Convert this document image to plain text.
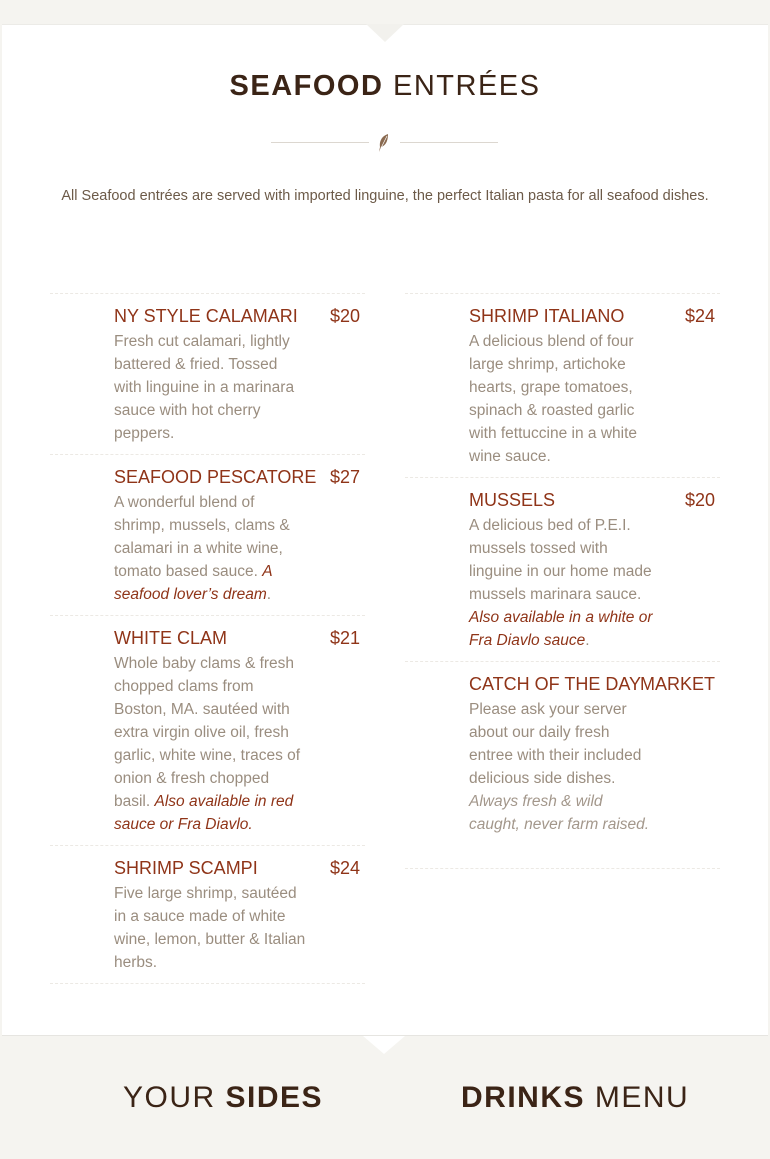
SEAFOOD ENTRÉES

All Seafood entrées are served with imported linguine, the perfect Italian pasta for all seafood dishes.

NY STYLE CALAMARI	$20
Fresh cut calamari, lightly battered & fried. Tossed with linguine in a marinara sauce with hot cherry peppers.
SEAFOOD PESCATORE $27
A wonderful blend of shrimp, mussels, clams & calamari in a white wine, tomato based sauce. A seafood lover’s dream.
WHITE CLAM	$21
Whole baby clams & fresh chopped clams from Boston, MA. sautéed with extra virgin olive oil, fresh garlic, white wine, traces of onion & fresh chopped basil. Also available in red sauce or Fra Diavlo.
SHRIMP SCAMPI	$24
Five large shrimp, sautéed in a sauce made of white wine, lemon, butter & Italian herbs.
SHRIMP ITALIANO	$24
A delicious blend of four large shrimp, artichoke hearts, grape tomatoes, spinach & roasted garlic with fettuccine in a white wine sauce.
MUSSELS	$20
A delicious bed of P.E.I. mussels tossed with linguine in our home made mussels marinara sauce. Also available in a white or Fra Diavlo sauce.
CATCH OF THE DAY
MARKET
Please ask your server about our daily fresh entree with their included delicious side dishes. Always fresh & wild caught, never farm raised.
YOUR SIDES	DRINKS MENU
